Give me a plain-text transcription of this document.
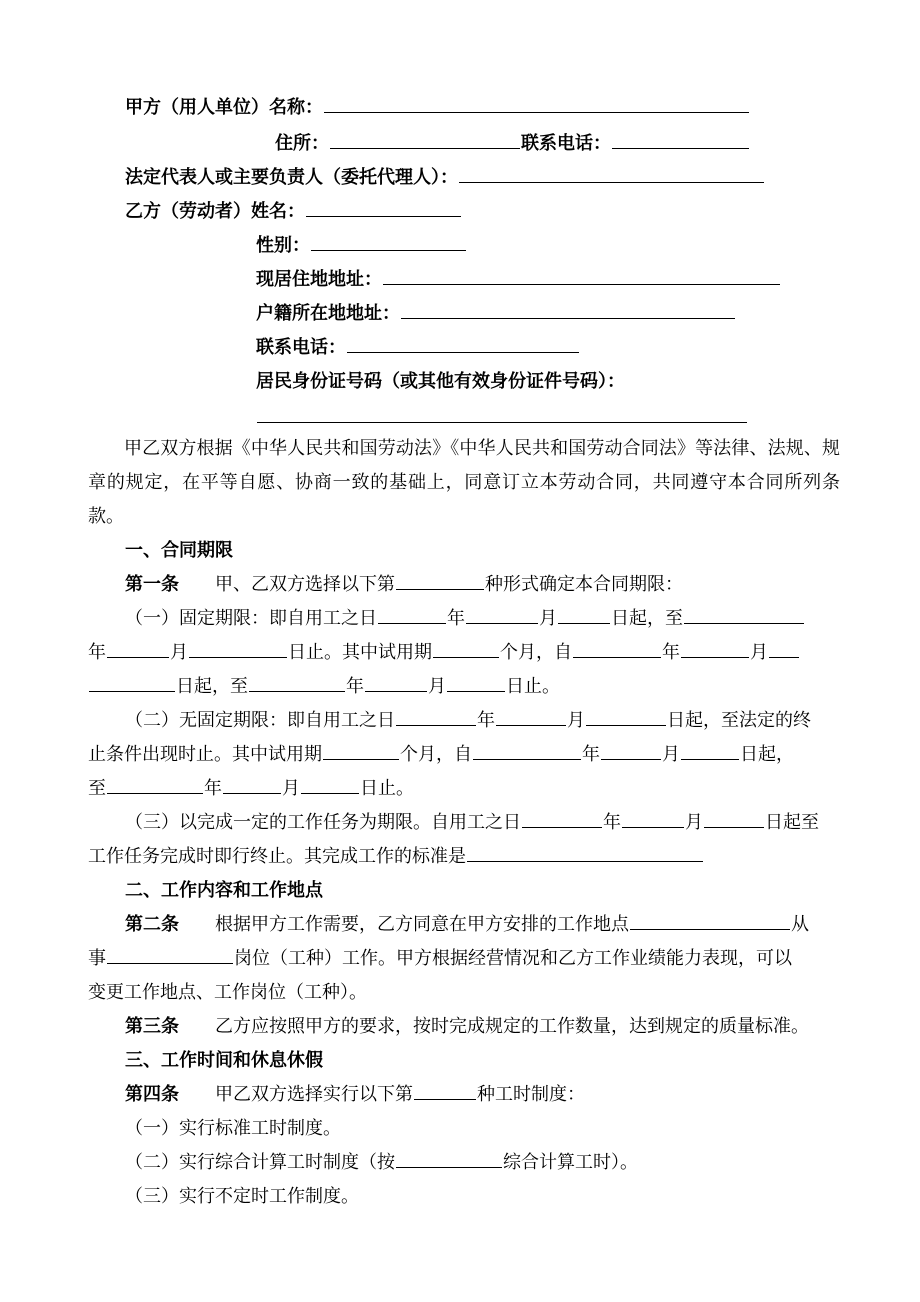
甲方（用人单位）名称：
住所：	联系电话：
法定代表人或主要负责人（委托代理人）：
乙方（劳动者）姓名：
性别：
现居住地地址：
户籍所在地地址：
联系电话：
居民身份证号码（或其他有效身份证件号码）：
甲乙双方根据《中华人民共和国劳动法》《中华人民共和国劳动合同法》等法律、法规、规章的规定，在平等自愿、协商一致的基础上，同意订立本劳动合同，共同遵守本合同所列条款。
一、合同期限
第一条 甲、乙双方选择以下第	种形式确定本合同期限：
（一）固定期限：即自用工之日	年	月	日起，至
年	月	日止。其中试用期	个月，自	年	月
日起，至	年	月	日止。
（二）无固定期限：即自用工之日	年	月	日起，至法定的终
止条件出现时止。其中试用期	个月，自	年	月	日起，
至	年	月	日止。
（三）以完成一定的工作任务为期限。自用工之日	年	月	日起至
工作任务完成时即行终止。其完成工作的标准是
二、工作内容和工作地点
第二条 根据甲方工作需要，乙方同意在甲方安排的工作地点	从
事	岗位（工种）工作。甲方根据经营情况和乙方工作业绩能力表现，可以
变更工作地点、工作岗位（工种）。
第三条 乙方应按照甲方的要求，按时完成规定的工作数量，达到规定的质量标准。
三、工作时间和休息休假
第四条 甲乙双方选择实行以下第	种工时制度：
（一）实行标准工时制度。
（二）实行综合计算工时制度（按	综合计算工时）。
（三）实行不定时工作制度。
